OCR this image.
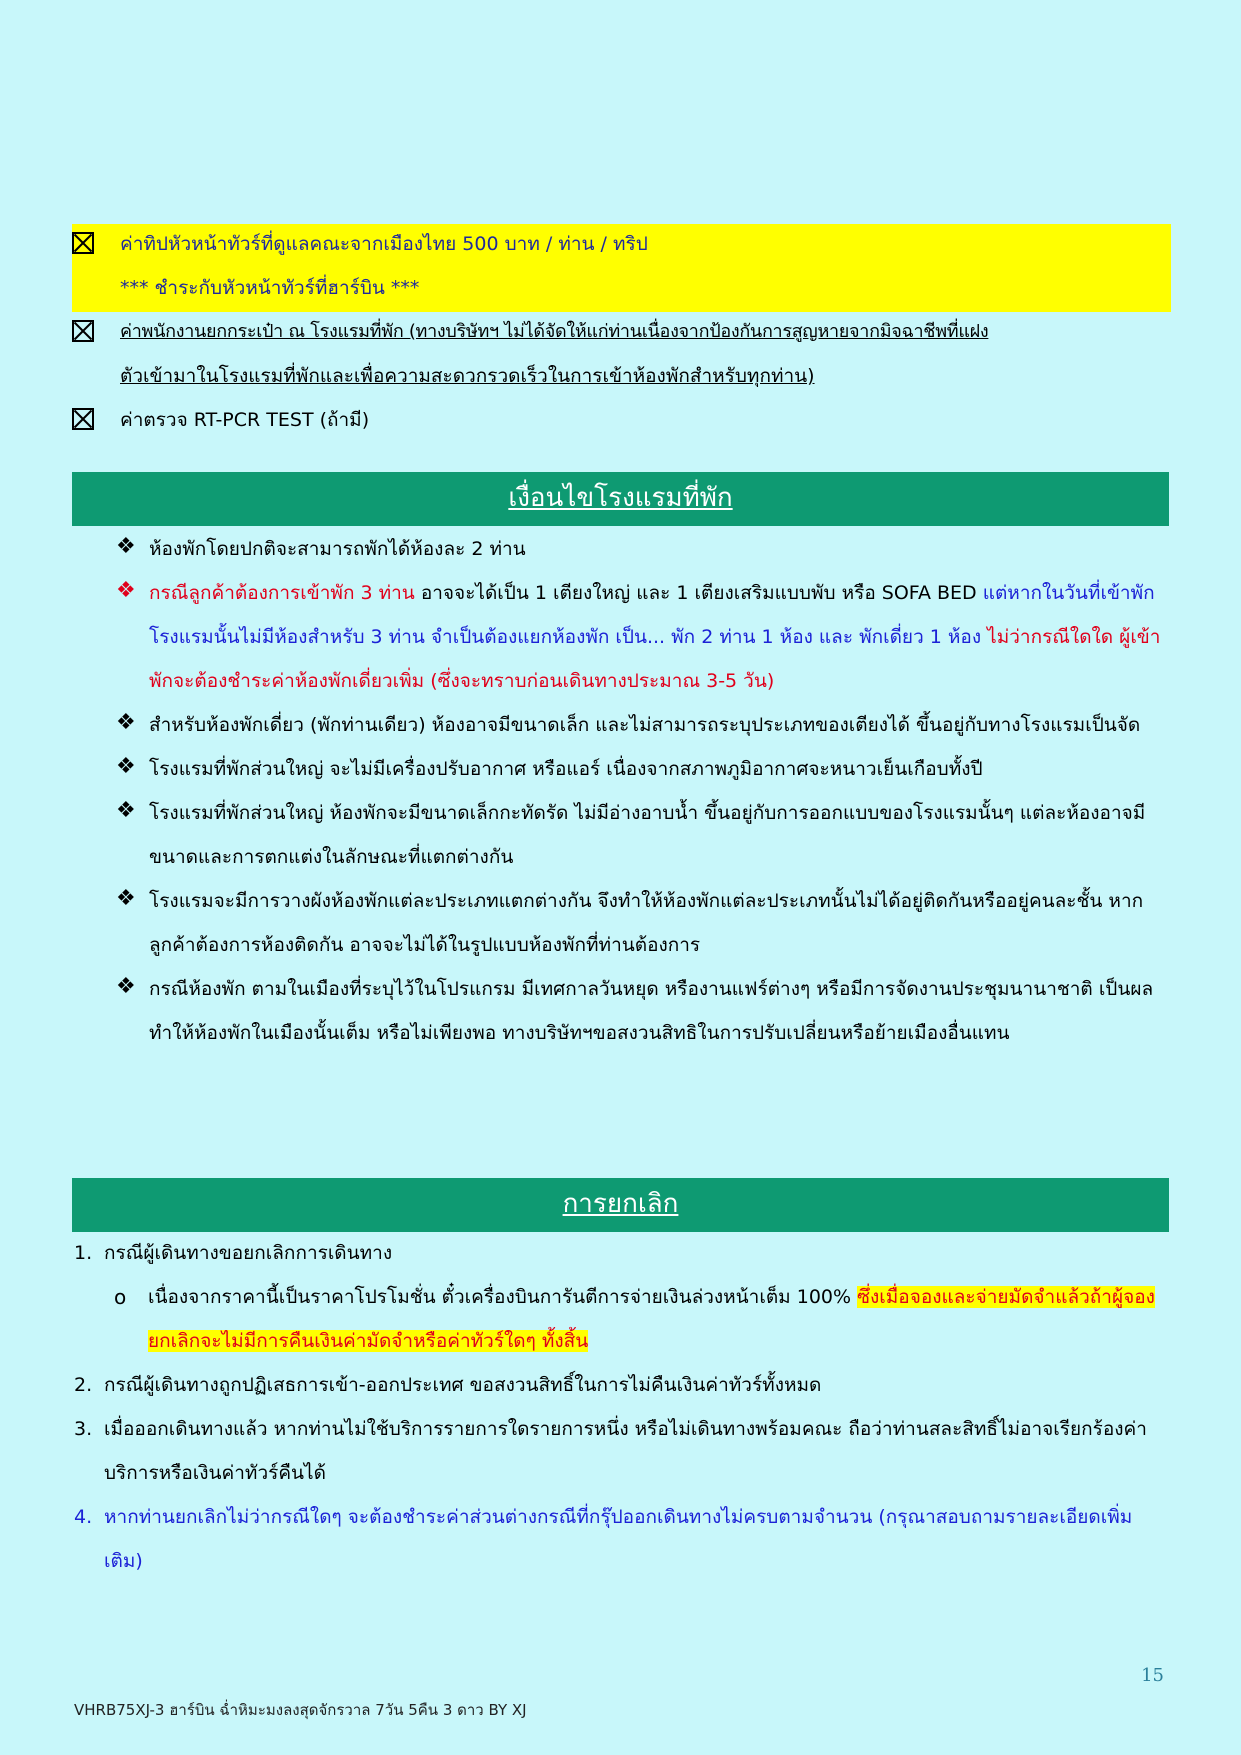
ค่าทิปหัวหน้าทัวร์ที่ดูแลคณะจากเมืองไทย 500 บาท / ท่าน / ทริป
*** ชำระกับหัวหน้าทัวร์ที่ฮาร์บิน ***
ค่าพนักงานยกกระเป๋า ณ โรงแรมที่พัก (ทางบริษัทฯ ไม่ได้จัดให้แก่ท่านเนื่องจากป้องกันการสูญหายจากมิจฉาชีพที่แฝง
ตัวเข้ามาในโรงแรมที่พักและเพื่อความสะดวกรวดเร็วในการเข้าห้องพักสำหรับทุกท่าน)
ค่าตรวจ RT-PCR TEST (ถ้ามี)
เงื่อนไขโรงแรมที่พัก
❖ ห้องพักโดยปกติจะสามารถพักได้ห้องละ 2 ท่าน
❖ กรณีลูกค้าต้องการเข้าพัก 3 ท่าน อาจจะได้เป็น 1 เตียงใหญ่ และ 1 เตียงเสริมแบบพับ หรือ SOFA BED แต่หากในวันที่เข้าพักโรงแรมนั้นไม่มีห้องสำหรับ 3 ท่าน จำเป็นต้องแยกห้องพัก เป็น... พัก 2 ท่าน 1 ห้อง และ พักเดี่ยว 1 ห้อง ไม่ว่ากรณีใดใด ผู้เข้าพักจะต้องชำระค่าห้องพักเดี่ยวเพิ่ม (ซึ่งจะทราบก่อนเดินทางประมาณ 3-5 วัน)
❖ สำหรับห้องพักเดี่ยว (พักท่านเดียว) ห้องอาจมีขนาดเล็ก และไม่สามารถระบุประเภทของเตียงได้ ขึ้นอยู่กับทางโรงแรมเป็นจัด
❖ โรงแรมที่พักส่วนใหญ่ จะไม่มีเครื่องปรับอากาศ หรือแอร์ เนื่องจากสภาพภูมิอากาศจะหนาวเย็นเกือบทั้งปี
❖ โรงแรมที่พักส่วนใหญ่ ห้องพักจะมีขนาดเล็กกะทัดรัด ไม่มีอ่างอาบน้ำ ขึ้นอยู่กับการออกแบบของโรงแรมนั้นๆ แต่ละห้องอาจมีขนาดและการตกแต่งในลักษณะที่แตกต่างกัน
❖ โรงแรมจะมีการวางผังห้องพักแต่ละประเภทแตกต่างกัน จึงทำให้ห้องพักแต่ละประเภทนั้นไม่ได้อยู่ติดกันหรืออยู่คนละชั้น หากลูกค้าต้องการห้องติดกัน อาจจะไม่ได้ในรูปแบบห้องพักที่ท่านต้องการ
❖ กรณีห้องพัก ตามในเมืองที่ระบุไว้ในโปรแกรม มีเทศกาลวันหยุด หรืองานแฟร์ต่างๆ หรือมีการจัดงานประชุมนานาชาติ เป็นผลทำให้ห้องพักในเมืองนั้นเต็ม หรือไม่เพียงพอ ทางบริษัทฯขอสงวนสิทธิในการปรับเปลี่ยนหรือย้ายเมืองอื่นแทน
การยกเลิก
1. กรณีผู้เดินทางขอยกเลิกการเดินทาง
o เนื่องจากราคานี้เป็นราคาโปรโมชั่น ตั๋วเครื่องบินการันตีการจ่ายเงินล่วงหน้าเต็ม 100% ซึ่งเมื่อจองและจ่ายมัดจำแล้วถ้าผู้จองยกเลิกจะไม่มีการคืนเงินค่ามัดจำหรือค่าทัวร์ใดๆ ทั้งสิ้น
2. กรณีผู้เดินทางถูกปฏิเสธการเข้า-ออกประเทศ ขอสงวนสิทธิ์ในการไม่คืนเงินค่าทัวร์ทั้งหมด
3. เมื่อออกเดินทางแล้ว หากท่านไม่ใช้บริการรายการใดรายการหนึ่ง หรือไม่เดินทางพร้อมคณะ ถือว่าท่านสละสิทธิ์ไม่อาจเรียกร้องค่าบริการหรือเงินค่าทัวร์คืนได้
4. หากท่านยกเลิกไม่ว่ากรณีใดๆ จะต้องชำระค่าส่วนต่างกรณีที่กรุ๊ปออกเดินทางไม่ครบตามจำนวน (กรุณาสอบถามรายละเอียดเพิ่มเติม)
15
VHRB75XJ-3 ฮาร์บิน ฉ่ำหิมะมงลงสุดจักรวาล 7วัน 5คืน 3 ดาว BY XJ
